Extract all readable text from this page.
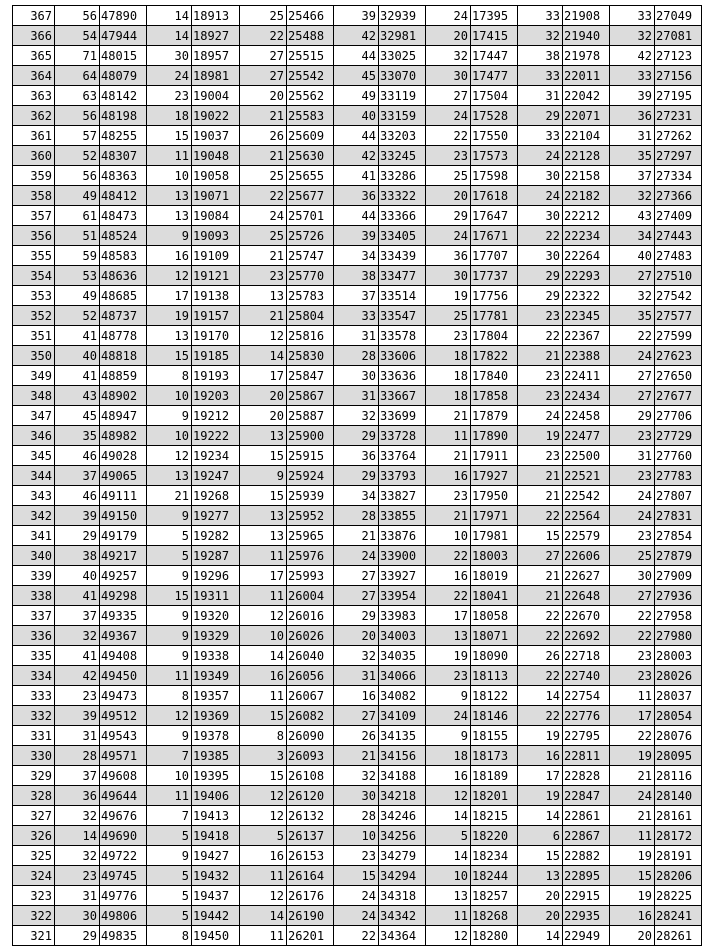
367	56	47890	14	18913	25	25466	39	32939	24	17395	33	21908	33	27049
366	54	47944	14	18927	22	25488	42	32981	20	17415	32	21940	32	27081
365	71	48015	30	18957	27	25515	44	33025	32	17447	38	21978	42	27123
364	64	48079	24	18981	27	25542	45	33070	30	17477	33	22011	33	27156
363	63	48142	23	19004	20	25562	49	33119	27	17504	31	22042	39	27195
362	56	48198	18	19022	21	25583	40	33159	24	17528	29	22071	36	27231
361	57	48255	15	19037	26	25609	44	33203	22	17550	33	22104	31	27262
360	52	48307	11	19048	21	25630	42	33245	23	17573	24	22128	35	27297
359	56	48363	10	19058	25	25655	41	33286	25	17598	30	22158	37	27334
358	49	48412	13	19071	22	25677	36	33322	20	17618	24	22182	32	27366
357	61	48473	13	19084	24	25701	44	33366	29	17647	30	22212	43	27409
356	51	48524	9	19093	25	25726	39	33405	24	17671	22	22234	34	27443
355	59	48583	16	19109	21	25747	34	33439	36	17707	30	22264	40	27483
354	53	48636	12	19121	23	25770	38	33477	30	17737	29	22293	27	27510
353	49	48685	17	19138	13	25783	37	33514	19	17756	29	22322	32	27542
352	52	48737	19	19157	21	25804	33	33547	25	17781	23	22345	35	27577
351	41	48778	13	19170	12	25816	31	33578	23	17804	22	22367	22	27599
350	40	48818	15	19185	14	25830	28	33606	18	17822	21	22388	24	27623
349	41	48859	8	19193	17	25847	30	33636	18	17840	23	22411	27	27650
348	43	48902	10	19203	20	25867	31	33667	18	17858	23	22434	27	27677
347	45	48947	9	19212	20	25887	32	33699	21	17879	24	22458	29	27706
346	35	48982	10	19222	13	25900	29	33728	11	17890	19	22477	23	27729
345	46	49028	12	19234	15	25915	36	33764	21	17911	23	22500	31	27760
344	37	49065	13	19247	9	25924	29	33793	16	17927	21	22521	23	27783
343	46	49111	21	19268	15	25939	34	33827	23	17950	21	22542	24	27807
342	39	49150	9	19277	13	25952	28	33855	21	17971	22	22564	24	27831
341	29	49179	5	19282	13	25965	21	33876	10	17981	15	22579	23	27854
340	38	49217	5	19287	11	25976	24	33900	22	18003	27	22606	25	27879
339	40	49257	9	19296	17	25993	27	33927	16	18019	21	22627	30	27909
338	41	49298	15	19311	11	26004	27	33954	22	18041	21	22648	27	27936
337	37	49335	9	19320	12	26016	29	33983	17	18058	22	22670	22	27958
336	32	49367	9	19329	10	26026	20	34003	13	18071	22	22692	22	27980
335	41	49408	9	19338	14	26040	32	34035	19	18090	26	22718	23	28003
334	42	49450	11	19349	16	26056	31	34066	23	18113	22	22740	23	28026
333	23	49473	8	19357	11	26067	16	34082	9	18122	14	22754	11	28037
332	39	49512	12	19369	15	26082	27	34109	24	18146	22	22776	17	28054
331	31	49543	9	19378	8	26090	26	34135	9	18155	19	22795	22	28076
330	28	49571	7	19385	3	26093	21	34156	18	18173	16	22811	19	28095
329	37	49608	10	19395	15	26108	32	34188	16	18189	17	22828	21	28116
328	36	49644	11	19406	12	26120	30	34218	12	18201	19	22847	24	28140
327	32	49676	7	19413	12	26132	28	34246	14	18215	14	22861	21	28161
326	14	49690	5	19418	5	26137	10	34256	5	18220	6	22867	11	28172
325	32	49722	9	19427	16	26153	23	34279	14	18234	15	22882	19	28191
324	23	49745	5	19432	11	26164	15	34294	10	18244	13	22895	15	28206
323	31	49776	5	19437	12	26176	24	34318	13	18257	20	22915	19	28225
322	30	49806	5	19442	14	26190	24	34342	11	18268	20	22935	16	28241
321	29	49835	8	19450	11	26201	22	34364	12	18280	14	22949	20	28261
